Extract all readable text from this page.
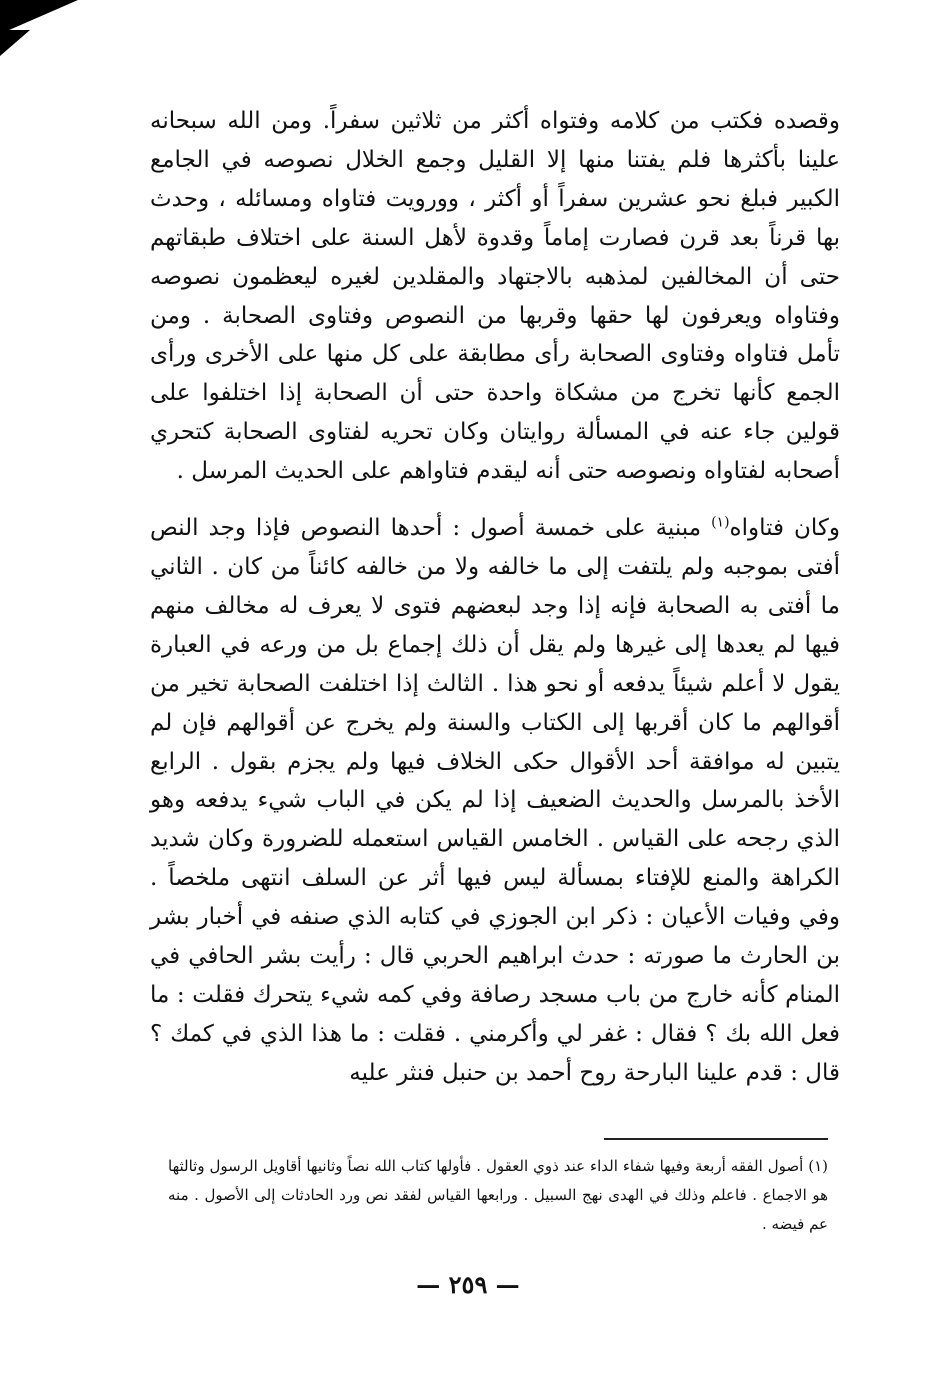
وقصده فكتب من كلامه وفتواه أكثر من ثلاثين سفراً. ومن الله سبحانه علينا بأكثرها فلم يفتنا منها إلا القليل وجمع الخلال نصوصه في الجامع الكبير فبلغ نحو عشرين سفراً أو أكثر ، وورويت فتاواه ومسائله ، وحدث بها قرناً بعد قرن فصارت إماماً وقدوة لأهل السنة على اختلاف طبقاتهم حتى أن المخالفين لمذهبه بالاجتهاد والمقلدين لغيره ليعظمون نصوصه وفتاواه ويعرفون لها حقها وقربها من النصوص وفتاوى الصحابة . ومن تأمل فتاواه وفتاوى الصحابة رأى مطابقة على كل منها على الأخرى ورأى الجمع كأنها تخرج من مشكاة واحدة حتى أن الصحابة إذا اختلفوا على قولين جاء عنه في المسألة روايتان وكان تحريه لفتاوى الصحابة كتحري أصحابه لفتاواه ونصوصه حتى أنه ليقدم فتاواهم على الحديث المرسل .

وكان فتاواه$^{(١)}$ مبنية على خمسة أصول : أحدها النصوص فإذا وجد النص أفتى بموجبه ولم يلتفت إلى ما خالفه ولا من خالفه كائناً من كان . الثاني ما أفتى به الصحابة فإنه إذا وجد لبعضهم فتوى لا يعرف له مخالف منهم فيها لم يعدها إلى غيرها ولم يقل أن ذلك إجماع بل من ورعه في العبارة يقول لا أعلم شيئاً يدفعه أو نحو هذا . الثالث إذا اختلفت الصحابة تخير من أقوالهم ما كان أقربها إلى الكتاب والسنة ولم يخرج عن أقوالهم فإن لم يتبين له موافقة أحد الأقوال حكى الخلاف فيها ولم يجزم بقول . الرابع الأخذ بالمرسل والحديث الضعيف إذا لم يكن في الباب شيء يدفعه وهو الذي رجحه على القياس . الخامس القياس استعمله للضرورة وكان شديد الكراهة والمنع للإفتاء بمسألة ليس فيها أثر عن السلف انتهى ملخصاً . وفي وفيات الأعيان : ذكر ابن الجوزي في كتابه الذي صنفه في أخبار بشر بن الحارث ما صورته : حدث ابراهيم الحربي قال : رأيت بشر الحافي في المنام كأنه خارج من باب مسجد رصافة وفي كمه شيء يتحرك فقلت : ما فعل الله بك ؟ فقال : غفر لي وأكرمني . فقلت : ما هذا الذي في كمك ؟ قال : قدم علينا البارحة روح أحمد بن حنبل فنثر عليه

(١) أصول الفقه أربعة وفيها شفاء الداء عند ذوي العقول . فأولها كتاب الله نصاً وثانيها أقاويل الرسول وثالثها هو الاجماع . فاعلم وذلك في الهدى نهج السبيل . ورابعها القياس لفقد نص ورد الحادثات إلى الأصول . منه عم فيضه .
— ٢٥٩ —
